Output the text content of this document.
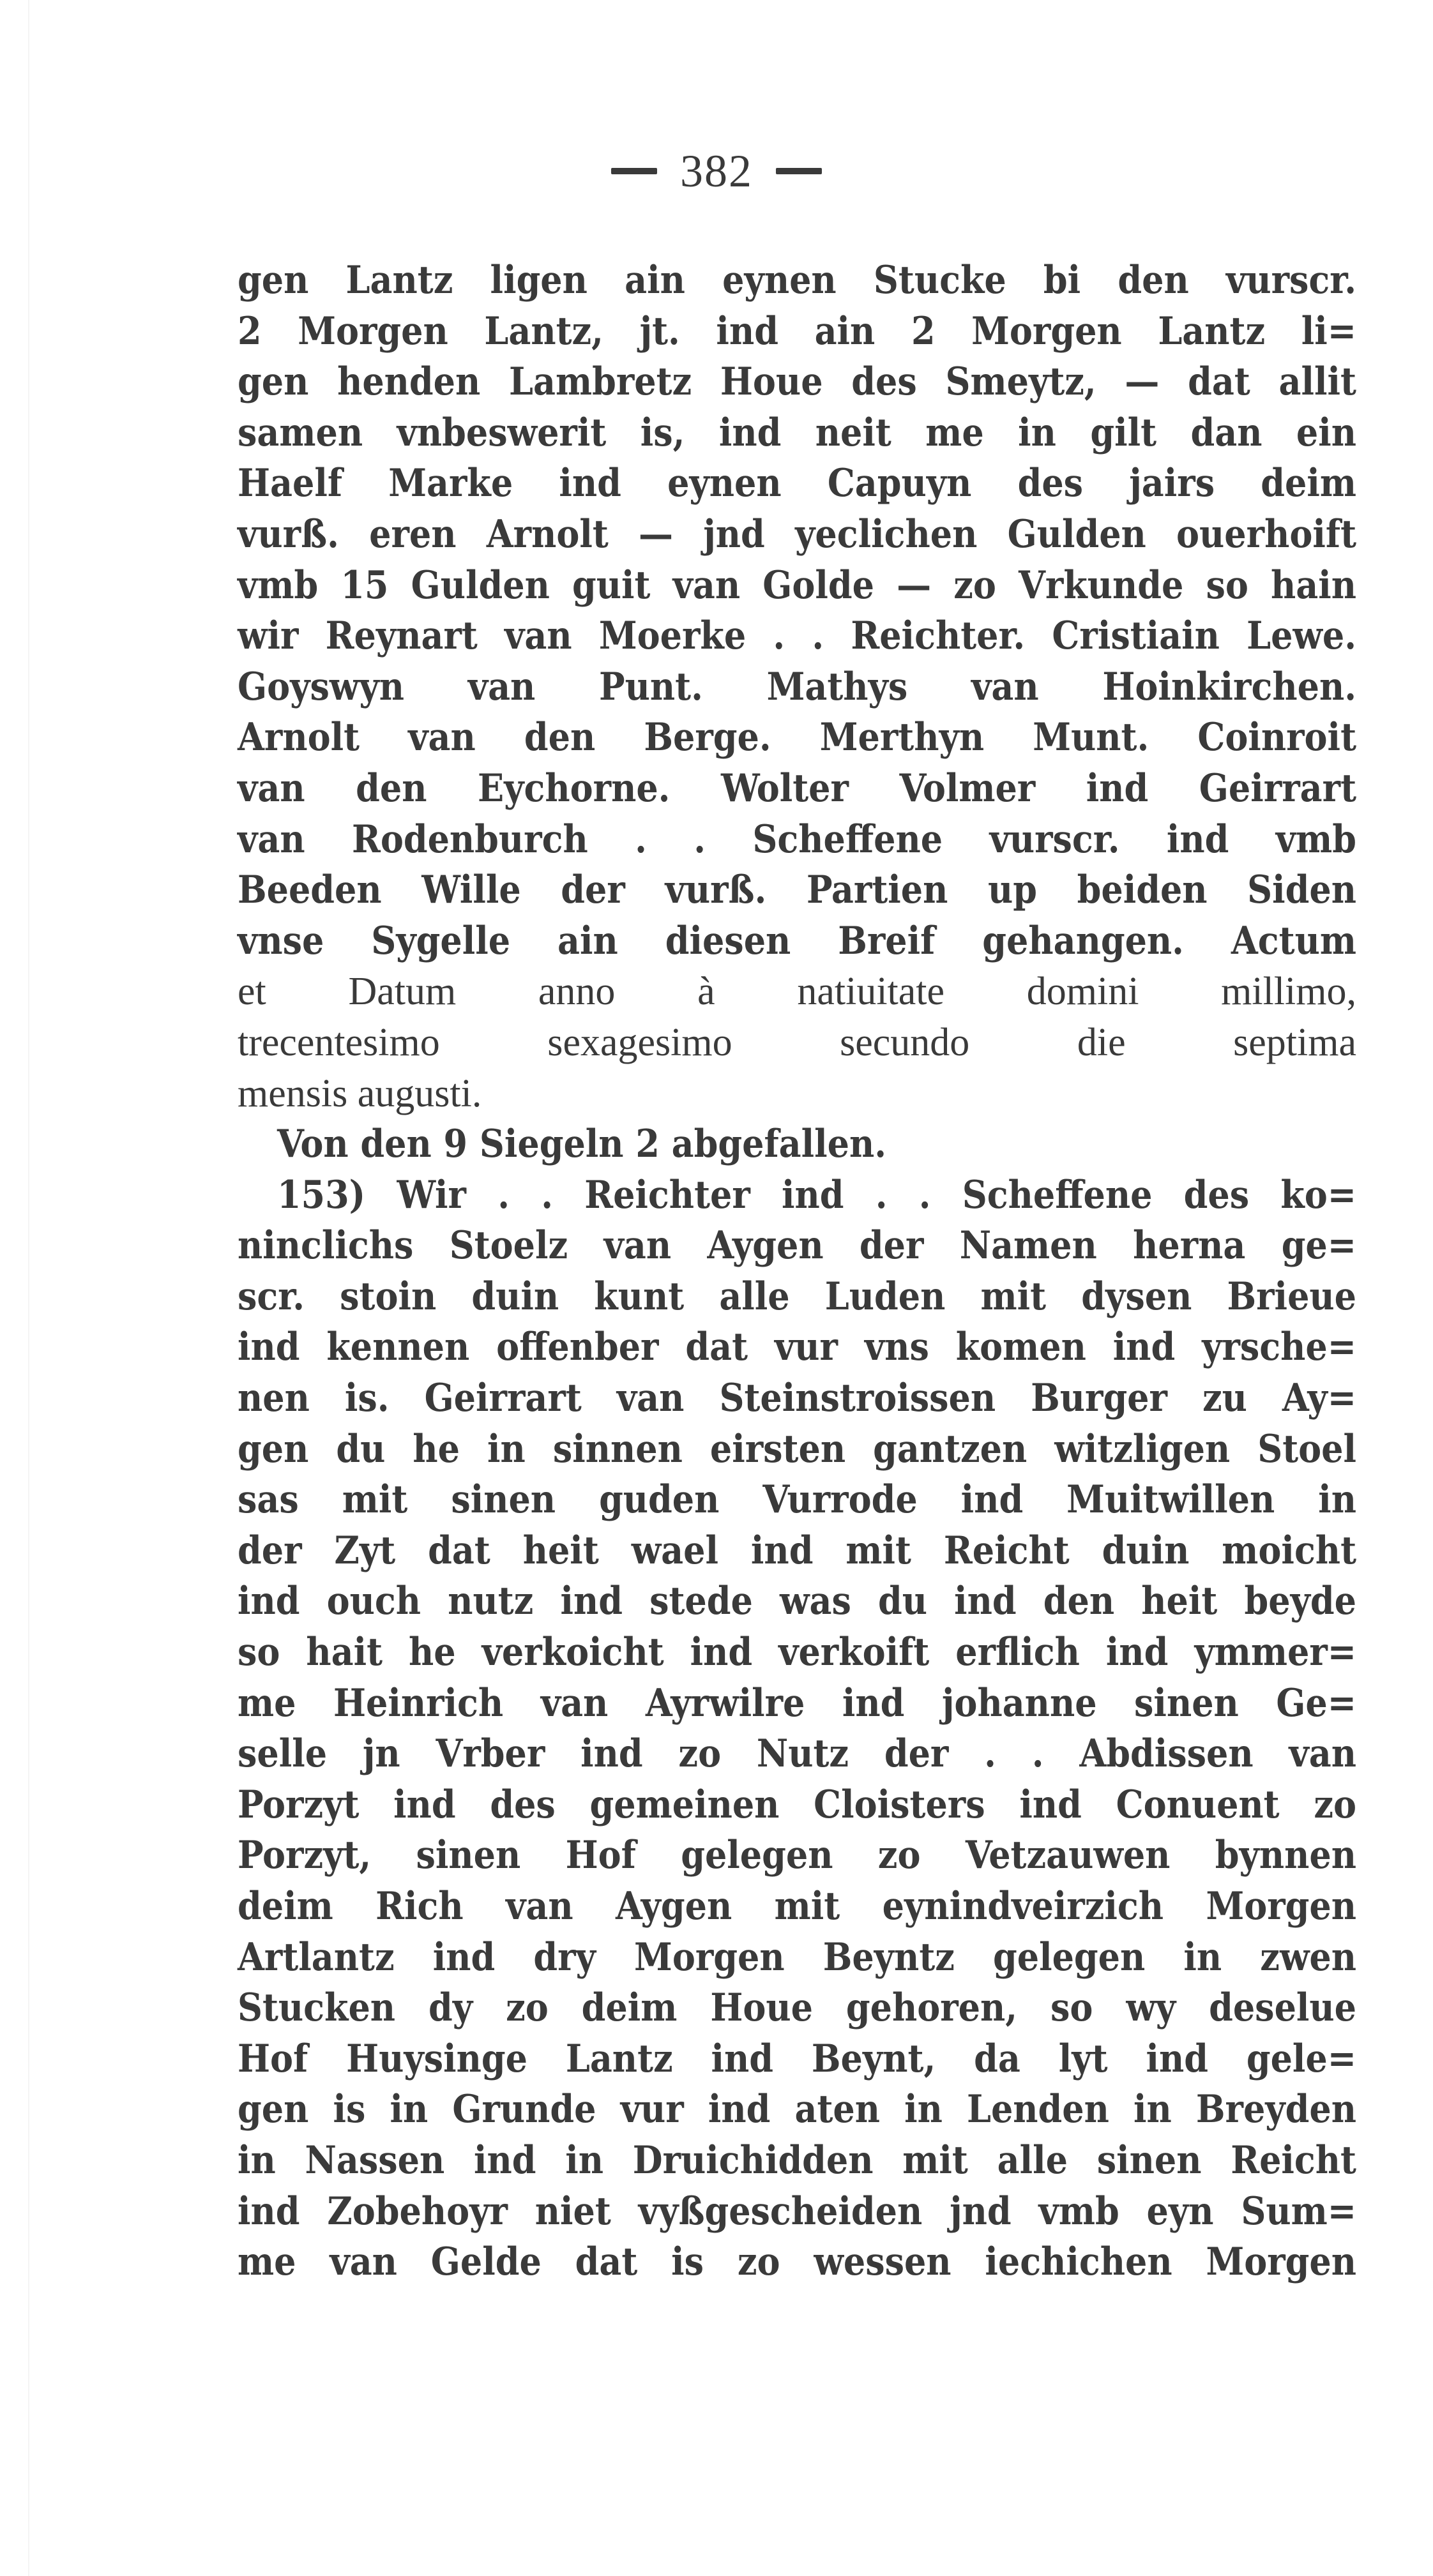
382
gen Lantz ligen ain eynen Stucke bi den vurscr.
2 Morgen Lantz, jt. ind ain 2 Morgen Lantz li=
gen henden Lambretz Houe des Smeytz, — dat allit
samen vnbeswerit is, ind neit me in gilt dan ein
Haelf Marke ind eynen Capuyn des jairs deim
vurß. eren Arnolt — jnd yeclichen Gulden ouerhoift
vmb 15 Gulden guit van Golde — zo Vrkunde so hain
wir Reynart van Moerke . . Reichter. Cristiain Lewe.
Goyswyn van Punt. Mathys van Hoinkirchen.
Arnolt van den Berge. Merthyn Munt. Coinroit
van den Eychorne. Wolter Volmer ind Geirrart
van Rodenburch . . Scheffene vurscr. ind vmb
Beeden Wille der vurß. Partien up beiden Siden
vnse Sygelle ain diesen Breif gehangen. Actum
et Datum anno à natiuitate domini millimo,
trecentesimo sexagesimo secundo die septima
mensis augusti.
Von den 9 Siegeln 2 abgefallen.
153) Wir . . Reichter ind . . Scheffene des ko=
ninclichs Stoelz van Aygen der Namen herna ge=
scr. stoin duin kunt alle Luden mit dysen Brieue
ind kennen offenber dat vur vns komen ind yrsche=
nen is. Geirrart van Steinstroissen Burger zu Ay=
gen du he in sinnen eirsten gantzen witzligen Stoel
sas mit sinen guden Vurrode ind Muitwillen in
der Zyt dat heit wael ind mit Reicht duin moicht
ind ouch nutz ind stede was du ind den heit beyde
so hait he verkoicht ind verkoift erflich ind ymmer=
me Heinrich van Ayrwilre ind johanne sinen Ge=
selle jn Vrber ind zo Nutz der . . Abdissen van
Porzyt ind des gemeinen Cloisters ind Conuent zo
Porzyt, sinen Hof gelegen zo Vetzauwen bynnen
deim Rich van Aygen mit eynindveirzich Morgen
Artlantz ind dry Morgen Beyntz gelegen in zwen
Stucken dy zo deim Houe gehoren, so wy deselue
Hof Huysinge Lantz ind Beynt, da lyt ind gele=
gen is in Grunde vur ind aten in Lenden in Breyden
in Nassen ind in Druichidden mit alle sinen Reicht
ind Zobehoyr niet vyßgescheiden jnd vmb eyn Sum=
me van Gelde dat is zo wessen iechichen Morgen
